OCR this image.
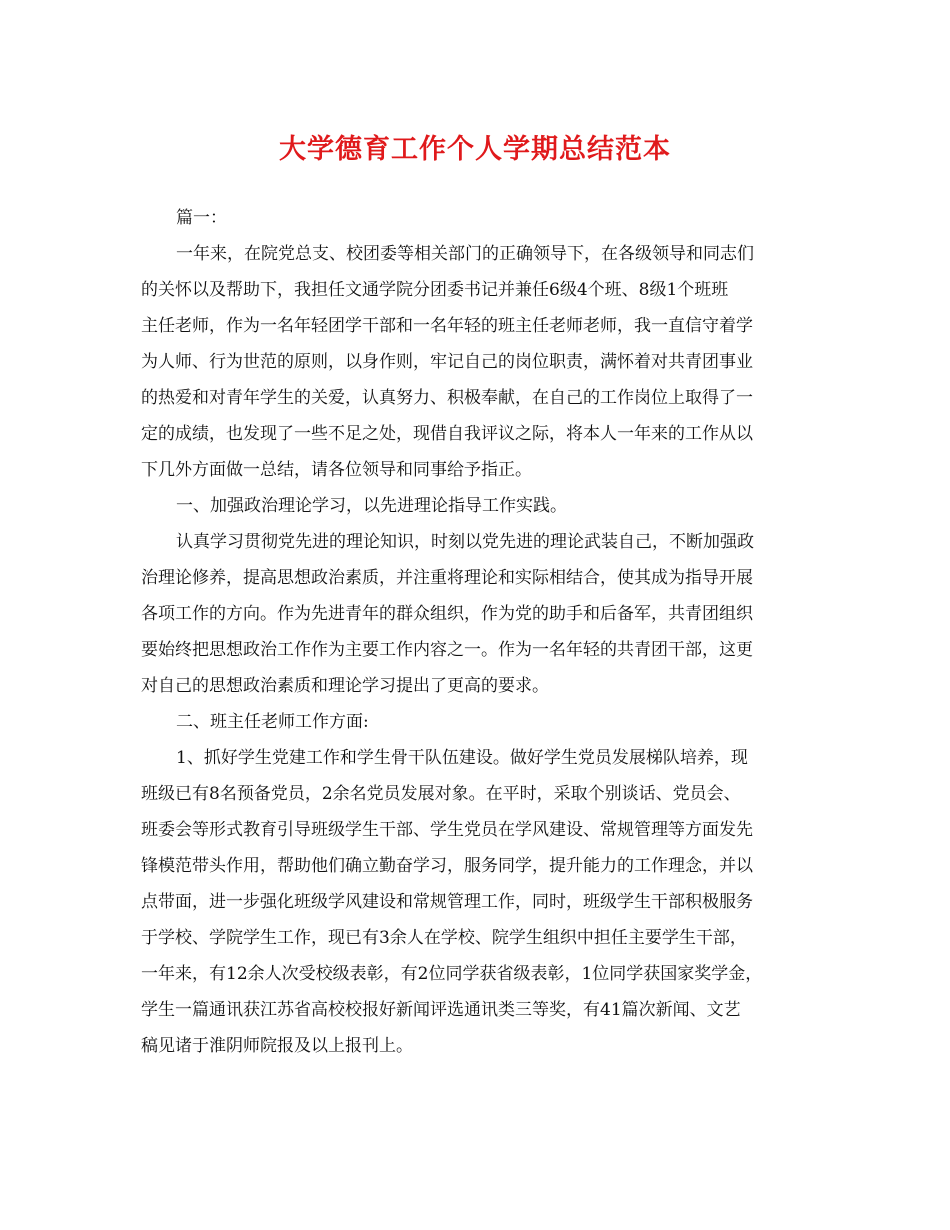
大学德育工作个人学期总结范本
篇一：
一年来，在院党总支、校团委等相关部门的正确领导下，在各级领导和同志们
的关怀以及帮助下，我担任文通学院分团委书记并兼任6级4个班、8级1个班班
主任老师，作为一名年轻团学干部和一名年轻的班主任老师老师，我一直信守着学
为人师、行为世范的原则，以身作则，牢记自己的岗位职责，满怀着对共青团事业
的热爱和对青年学生的关爱，认真努力、积极奉献，在自己的工作岗位上取得了一
定的成绩，也发现了一些不足之处，现借自我评议之际，将本人一年来的工作从以
下几外方面做一总结，请各位领导和同事给予指正。
一、加强政治理论学习，以先进理论指导工作实践。
认真学习贯彻党先进的理论知识，时刻以党先进的理论武装自己，不断加强政
治理论修养，提高思想政治素质，并注重将理论和实际相结合，使其成为指导开展
各项工作的方向。作为先进青年的群众组织，作为党的助手和后备军，共青团组织
要始终把思想政治工作作为主要工作内容之一。作为一名年轻的共青团干部，这更
对自己的思想政治素质和理论学习提出了更高的要求。
二、班主任老师工作方面:
1、抓好学生党建工作和学生骨干队伍建设。做好学生党员发展梯队培养，现
班级已有8名预备党员，2余名党员发展对象。在平时，采取个别谈话、党员会、
班委会等形式教育引导班级学生干部、学生党员在学风建设、常规管理等方面发先
锋模范带头作用，帮助他们确立勤奋学习，服务同学，提升能力的工作理念，并以
点带面，进一步强化班级学风建设和常规管理工作，同时，班级学生干部积极服务
于学校、学院学生工作，现已有3余人在学校、院学生组织中担任主要学生干部，
一年来，有12余人次受校级表彰，有2位同学获省级表彰，1位同学获国家奖学金，
学生一篇通讯获江苏省高校校报好新闻评选通讯类三等奖，有41篇次新闻、文艺
稿见诸于淮阴师院报及以上报刊上。
